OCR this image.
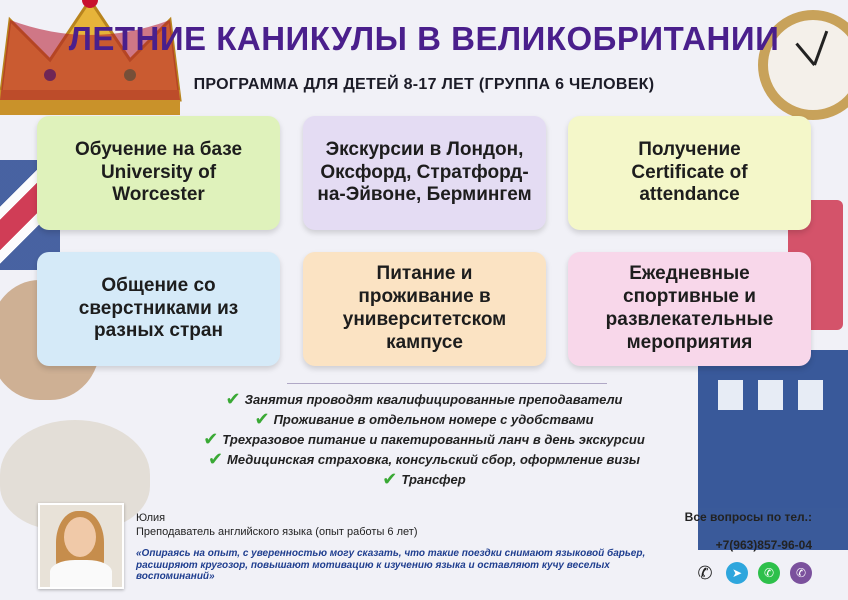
ЛЕТНИЕ КАНИКУЛЫ В ВЕЛИКОБРИТАНИИ
ПРОГРАММА ДЛЯ ДЕТЕЙ 8-17 ЛЕТ (ГРУППА 6 ЧЕЛОВЕК)
Обучение на базе University of Worcester
Экскурсии в Лондон, Оксфорд, Стратфорд-на-Эйвоне, Бермингем
Получение Certificate of attendance
Общение со сверстниками из разных стран
Питание и проживание в университетском кампусе
Ежедневные спортивные и развлекательные мероприятия
✔ Занятия проводят квалифицированные преподаватели
✔ Проживание в отдельном номере с удобствами
✔ Трехразовое питание и пакетированный ланч в день экскурсии
✔ Медицинская страховка, консульский сбор, оформление визы
✔ Трансфер
Юлия
Преподаватель английского языка (опыт работы 6 лет)
«Опираясь на опыт, с уверенностью могу сказать, что такие поездки снимают языковой барьер, расширяют кругозор, повышают мотивацию к изучению языка и оставляют кучу веселых воспоминаний»
Все вопросы по тел.:
+7(963)857-96-04
✆	➤	✆	✆
